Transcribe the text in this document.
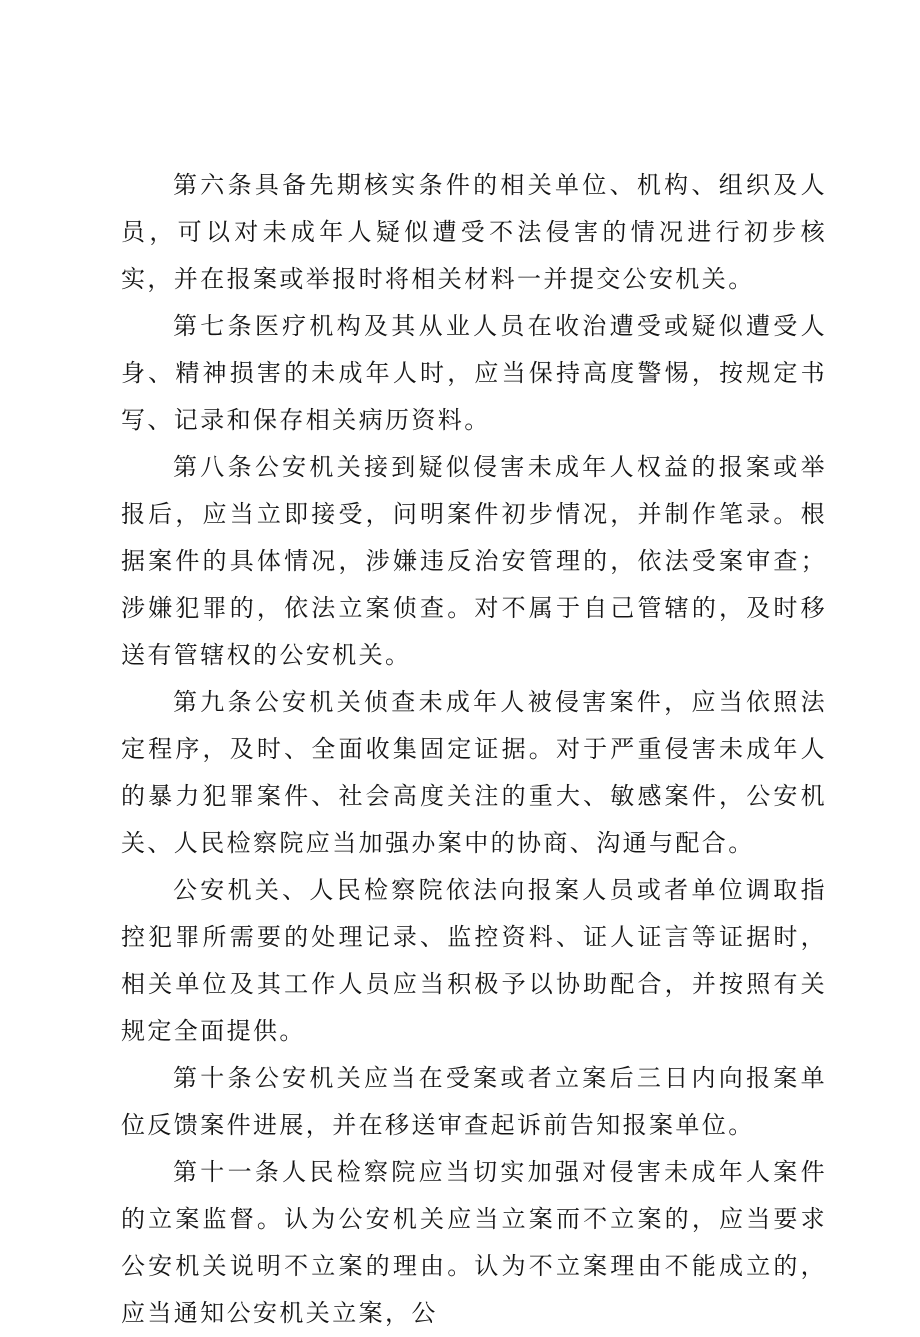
第六条具备先期核实条件的相关单位、机构、组织及人员，可以对未成年人疑似遭受不法侵害的情况进行初步核实，并在报案或举报时将相关材料一并提交公安机关。

第七条医疗机构及其从业人员在收治遭受或疑似遭受人身、精神损害的未成年人时，应当保持高度警惕，按规定书写、记录和保存相关病历资料。

第八条公安机关接到疑似侵害未成年人权益的报案或举报后，应当立即接受，问明案件初步情况，并制作笔录。根据案件的具体情况，涉嫌违反治安管理的，依法受案审查；涉嫌犯罪的，依法立案侦查。对不属于自己管辖的，及时移送有管辖权的公安机关。

第九条公安机关侦查未成年人被侵害案件，应当依照法定程序，及时、全面收集固定证据。对于严重侵害未成年人的暴力犯罪案件、社会高度关注的重大、敏感案件，公安机关、人民检察院应当加强办案中的协商、沟通与配合。

公安机关、人民检察院依法向报案人员或者单位调取指控犯罪所需要的处理记录、监控资料、证人证言等证据时，相关单位及其工作人员应当积极予以协助配合，并按照有关规定全面提供。

第十条公安机关应当在受案或者立案后三日内向报案单位反馈案件进展，并在移送审查起诉前告知报案单位。

第十一条人民检察院应当切实加强对侵害未成年人案件的立案监督。认为公安机关应当立案而不立案的，应当要求公安机关说明不立案的理由。认为不立案理由不能成立的，应当通知公安机关立案，公
